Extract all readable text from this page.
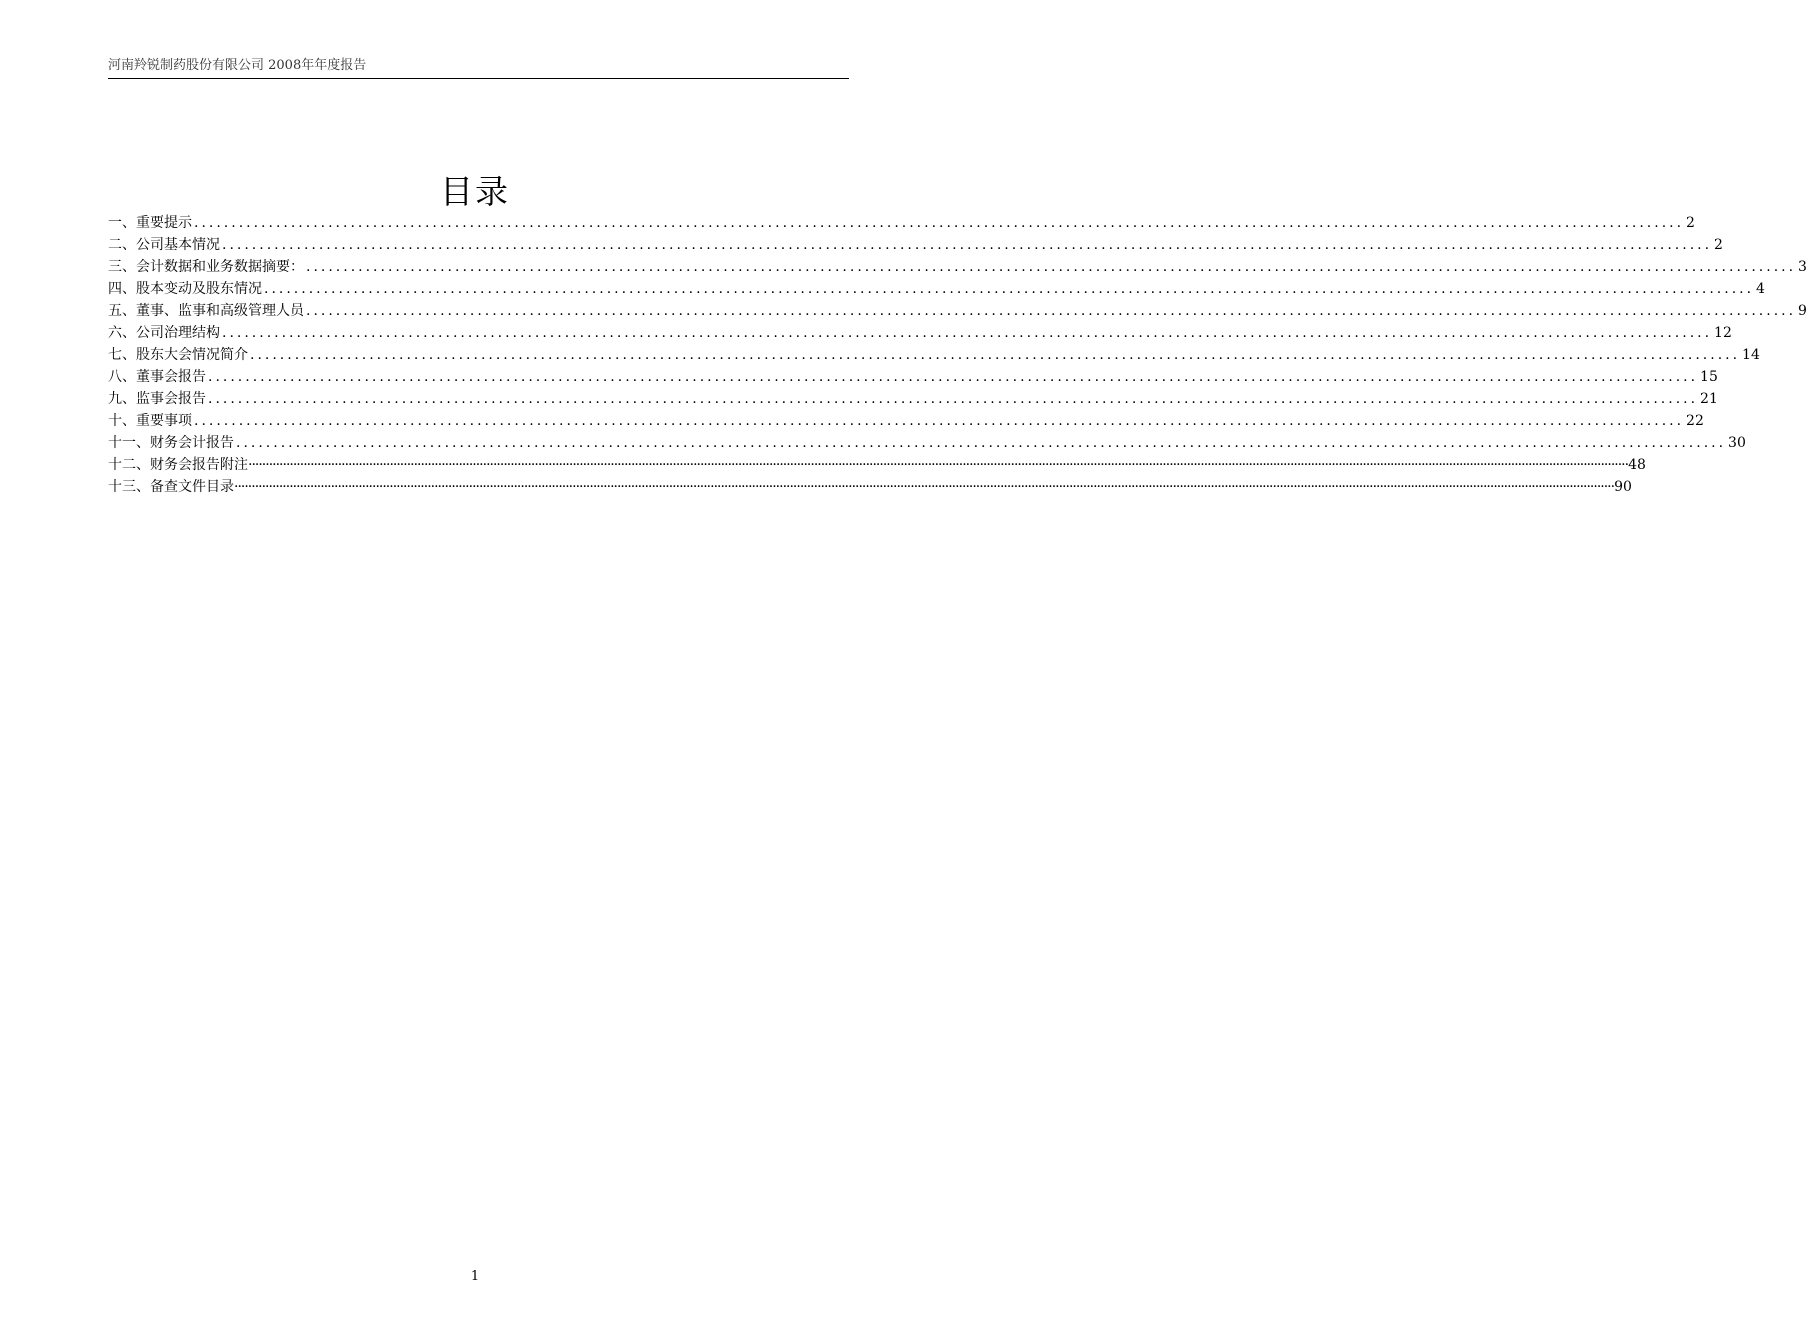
河南羚锐制药股份有限公司 2008年年度报告
目录
一、重要提示 ........................................................................................................................................................................................................ 2
二、公司基本情况 ........................................................................................................................................................................................................ 2
三、会计数据和业务数据摘要： ........................................................................................................................................................................................................ 3
四、股本变动及股东情况 ........................................................................................................................................................................................................ 4
五、董事、监事和高级管理人员 ........................................................................................................................................................................................................ 9
六、公司治理结构 ........................................................................................................................................................................................................ 12
七、股东大会情况简介 ........................................................................................................................................................................................................ 14
八、董事会报告 ........................................................................................................................................................................................................ 15
九、监事会报告 ........................................................................................................................................................................................................ 21
十、重要事项 ........................................................................................................................................................................................................ 22
十一、财务会计报告 ........................................................................................................................................................................................................ 30
十二、财务会报告附注 ················································································································································································································································································································································································································ 48
十三、备查文件目录 ················································································································································································································································································································································································································ 90
1
